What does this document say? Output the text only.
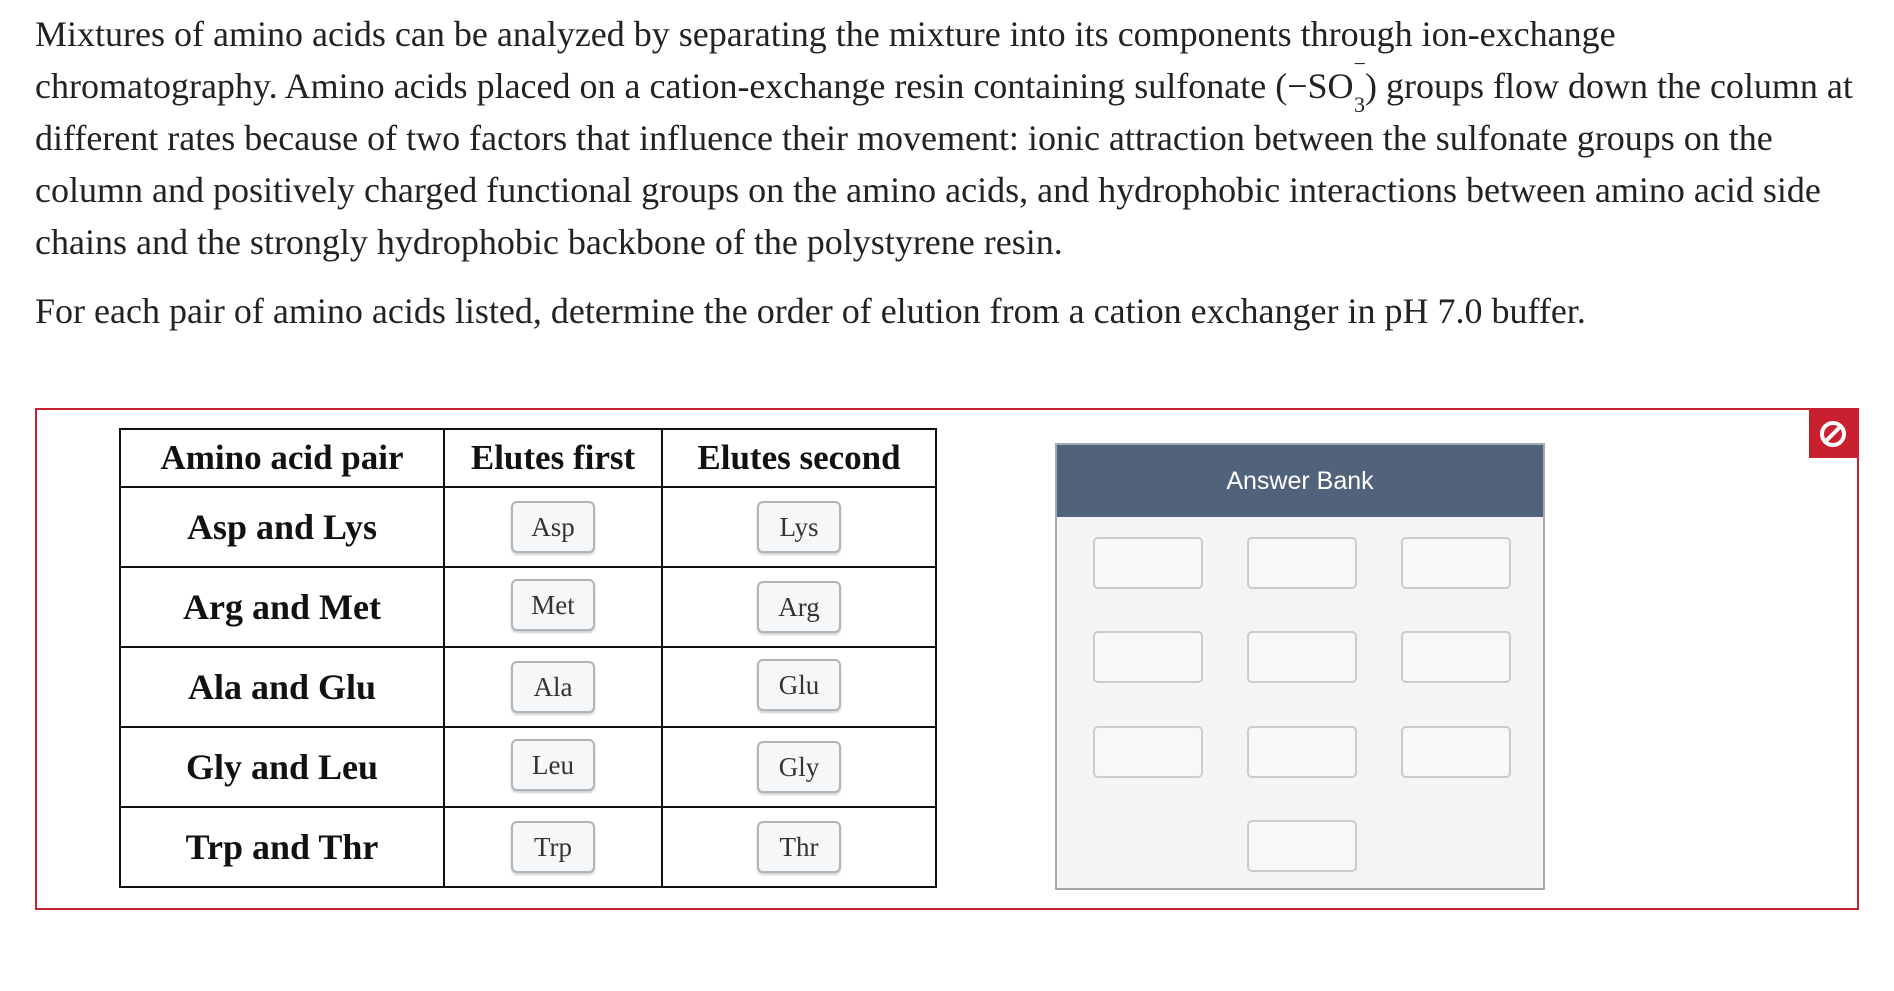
Mixtures of amino acids can be analyzed by separating the mixture into its components through ion-exchange chromatography. Amino acids placed on a cation-exchange resin containing sulfonate $(-SO^-_3)$ groups flow down the column at different rates because of two factors that influence their movement: ionic attraction between the sulfonate groups on the column and positively charged functional groups on the amino acids, and hydrophobic interactions between amino acid side chains and the strongly hydrophobic backbone of the polystyrene resin.

For each pair of amino acids listed, determine the order of elution from a cation exchanger in pH 7.0 buffer.

Amino acid pair	Elutes first	Elutes second
Asp and Lys	Asp	Lys
Arg and Met	Met	Arg
Ala and Glu	Ala	Glu
Gly and Leu	Leu	Gly
Trp and Thr	Trp	Thr
Answer Bank
